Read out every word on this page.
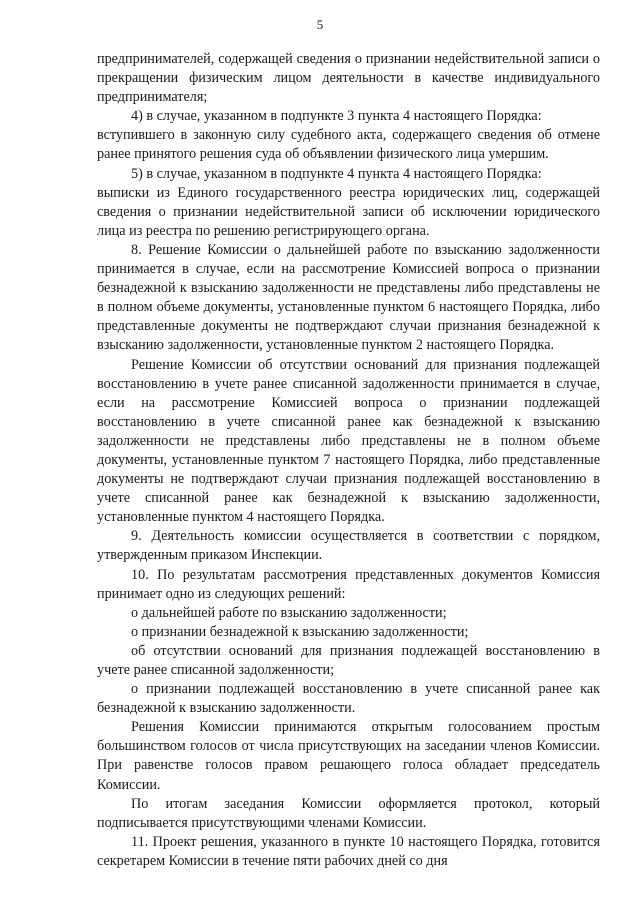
5

предпринимателей, содержащей сведения о признании недействительной записи о прекращении физическим лицом деятельности в качестве индивидуального предпринимателя;

4) в случае, указанном в подпункте 3 пункта 4 настоящего Порядка:

вступившего в законную силу судебного акта, содержащего сведения об отмене ранее принятого решения суда об объявлении физического лица умершим.

5) в случае, указанном в подпункте 4 пункта 4 настоящего Порядка:

выписки из Единого государственного реестра юридических лиц, содержащей сведения о признании недействительной записи об исключении юридического лица из реестра по решению регистрирующего органа.

8. Решение Комиссии о дальнейшей работе по взысканию задолженности принимается в случае, если на рассмотрение Комиссией вопроса о признании безнадежной к взысканию задолженности не представлены либо представлены не в полном объеме документы, установленные пунктом 6 настоящего Порядка, либо представленные документы не подтверждают случаи признания безнадежной к взысканию задолженности, установленные пунктом 2 настоящего Порядка.

Решение Комиссии об отсутствии оснований для признания подлежащей восстановлению в учете ранее списанной задолженности принимается в случае, если на рассмотрение Комиссией вопроса о признании подлежащей восстановлению в учете списанной ранее как безнадежной к взысканию задолженности не представлены либо представлены не в полном объеме документы, установленные пунктом 7 настоящего Порядка, либо представленные документы не подтверждают случаи признания подлежащей восстановлению в учете списанной ранее как безнадежной к взысканию задолженности, установленные пунктом 4 настоящего Порядка.

9. Деятельность комиссии осуществляется в соответствии с порядком, утвержденным приказом Инспекции.

10. По результатам рассмотрения представленных документов Комиссия принимает одно из следующих решений:

о дальнейшей работе по взысканию задолженности;

о признании безнадежной к взысканию задолженности;

об отсутствии оснований для признания подлежащей восстановлению в учете ранее списанной задолженности;

о признании подлежащей восстановлению в учете списанной ранее как безнадежной к взысканию задолженности.

Решения Комиссии принимаются открытым голосованием простым большинством голосов от числа присутствующих на заседании членов Комиссии. При равенстве голосов правом решающего голоса обладает председатель Комиссии.

По итогам заседания Комиссии оформляется протокол, который подписывается присутствующими членами Комиссии.

11. Проект решения, указанного в пункте 10 настоящего Порядка, готовится секретарем Комиссии в течение пяти рабочих дней со дня
